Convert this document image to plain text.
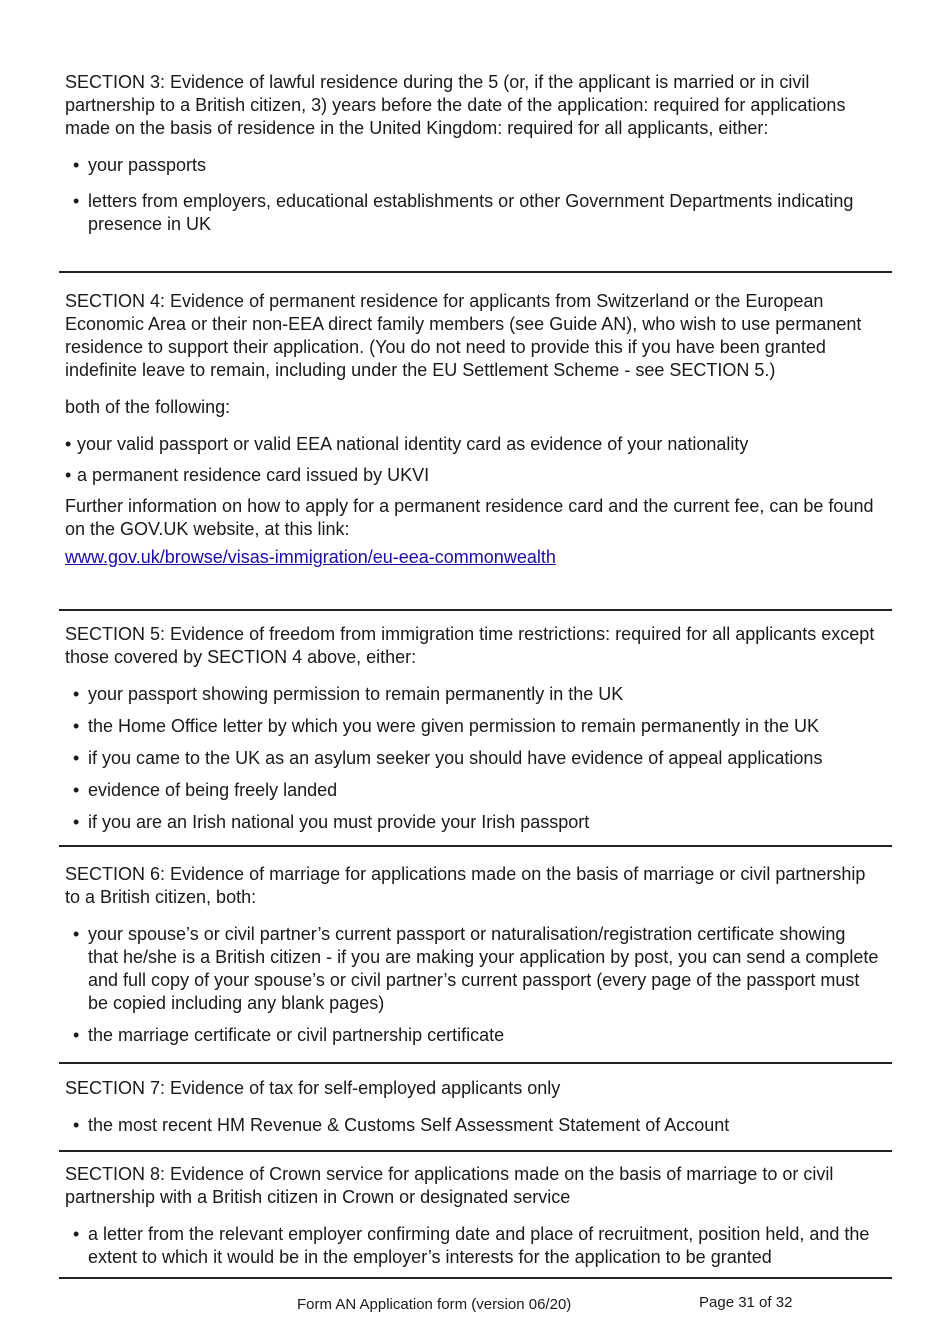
SECTION 3: Evidence of lawful residence during the 5 (or, if the applicant is married or in civil partnership to a British citizen, 3) years before the date of the application: required for applications made on the basis of residence in the United Kingdom: required for all applicants, either:

• your passports
• letters from employers, educational establishments or other Government Departments indicating presence in UK

SECTION 4: Evidence of permanent residence for applicants from Switzerland or the European Economic Area or their non-EEA direct family members (see Guide AN), who wish to use permanent residence to support their application. (You do not need to provide this if you have been granted indefinite leave to remain, including under the EU Settlement Scheme - see SECTION 5.)

both of the following:

• your valid passport or valid EEA national identity card as evidence of your nationality
• a permanent residence card issued by UKVI

Further information on how to apply for a permanent residence card and the current fee, can be found on the GOV.UK website, at this link:

www.gov.uk/browse/visas-immigration/eu-eea-commonwealth

SECTION 5: Evidence of freedom from immigration time restrictions: required for all applicants except those covered by SECTION 4 above, either:

• your passport showing permission to remain permanently in the UK
• the Home Office letter by which you were given permission to remain permanently in the UK
• if you came to the UK as an asylum seeker you should have evidence of appeal applications
• evidence of being freely landed
• if you are an Irish national you must provide your Irish passport

SECTION 6: Evidence of marriage for applications made on the basis of marriage or civil partnership to a British citizen, both:

• your spouse’s or civil partner’s current passport or naturalisation/registration certificate showing that he/she is a British citizen - if you are making your application by post, you can send a complete and full copy of your spouse’s or civil partner’s current passport (every page of the passport must be copied including any blank pages)
• the marriage certificate or civil partnership certificate

SECTION 7: Evidence of tax for self-employed applicants only

• the most recent HM Revenue & Customs Self Assessment Statement of Account

SECTION 8: Evidence of Crown service for applications made on the basis of marriage to or civil partnership with a British citizen in Crown or designated service

• a letter from the relevant employer confirming date and place of recruitment, position held, and the extent to which it would be in the employer’s interests for the application to be granted
Form AN Application form (version 06/20)	Page 31 of 32
